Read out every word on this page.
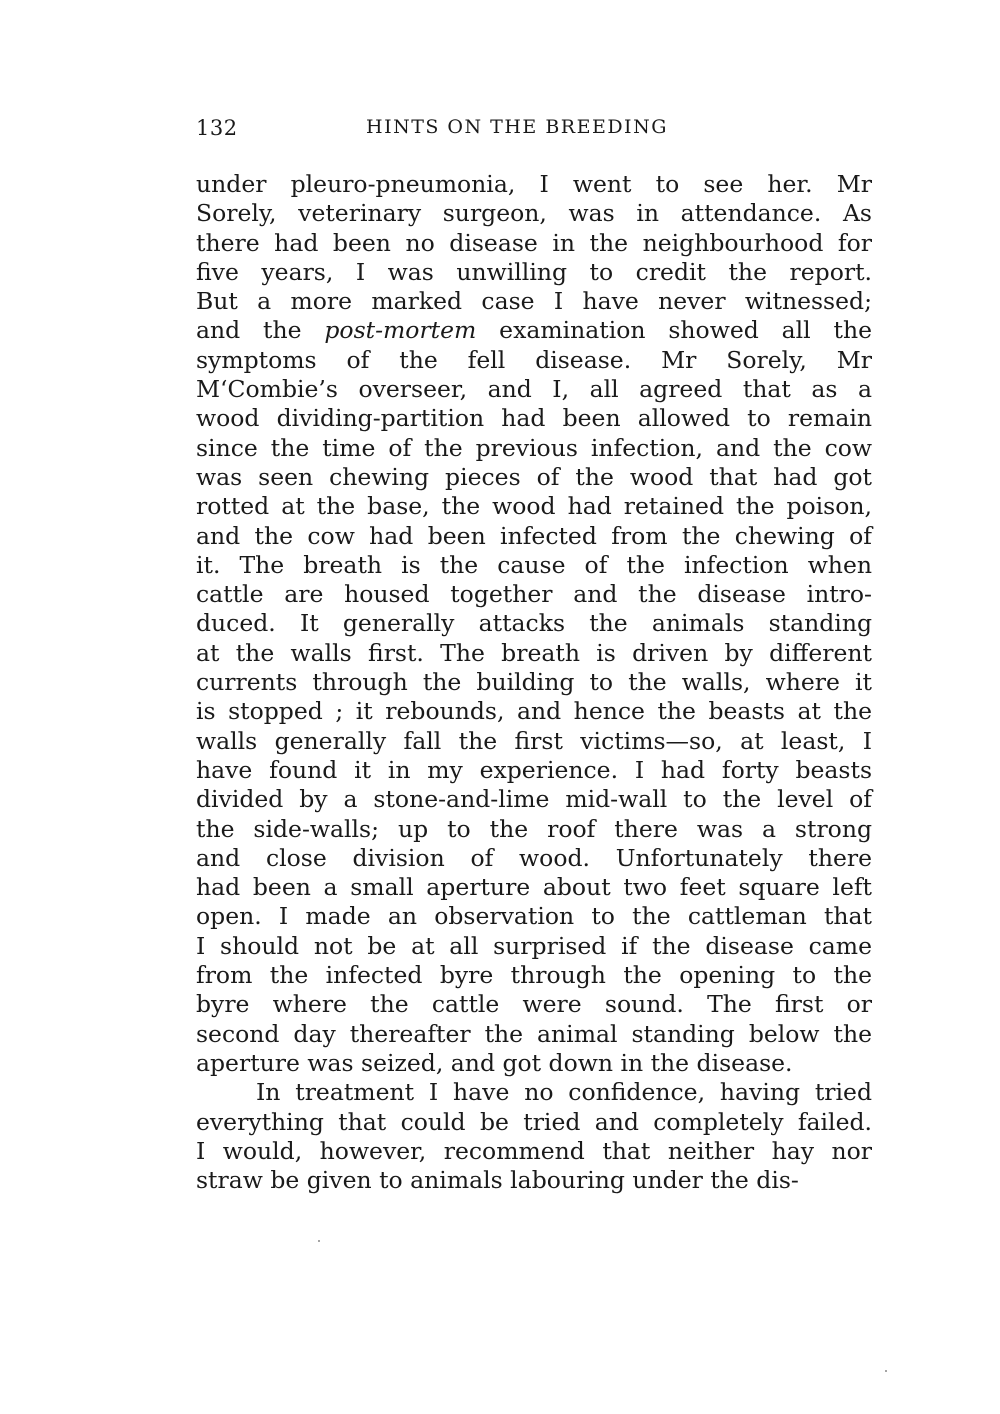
132	HINTS ON THE BREEDING
under pleuro-pneumonia, I went to see her. Mr
Sorely, veterinary surgeon, was in attendance. As
there had been no disease in the neighbourhood for
five years, I was unwilling to credit the report.
But a more marked case I have never witnessed;
and the post-mortem examination showed all the
symptoms of the fell disease. Mr Sorely, Mr
M‘Combie’s overseer, and I, all agreed that as a
wood dividing-partition had been allowed to remain
since the time of the previous infection, and the cow
was seen chewing pieces of the wood that had got
rotted at the base, the wood had retained the poison,
and the cow had been infected from the chewing of
it. The breath is the cause of the infection when
cattle are housed together and the disease intro-
duced. It generally attacks the animals standing
at the walls first. The breath is driven by different
currents through the building to the walls, where it
is stopped ; it rebounds, and hence the beasts at the
walls generally fall the first victims—so, at least, I
have found it in my experience. I had forty beasts
divided by a stone-and-lime mid-wall to the level of
the side-walls; up to the roof there was a strong
and close division of wood. Unfortunately there
had been a small aperture about two feet square left
open. I made an observation to the cattleman that
I should not be at all surprised if the disease came
from the infected byre through the opening to the
byre where the cattle were sound. The first or
second day thereafter the animal standing below the
aperture was seized, and got down in the disease.
In treatment I have no confidence, having tried
everything that could be tried and completely failed.
I would, however, recommend that neither hay nor
straw be given to animals labouring under the dis-
